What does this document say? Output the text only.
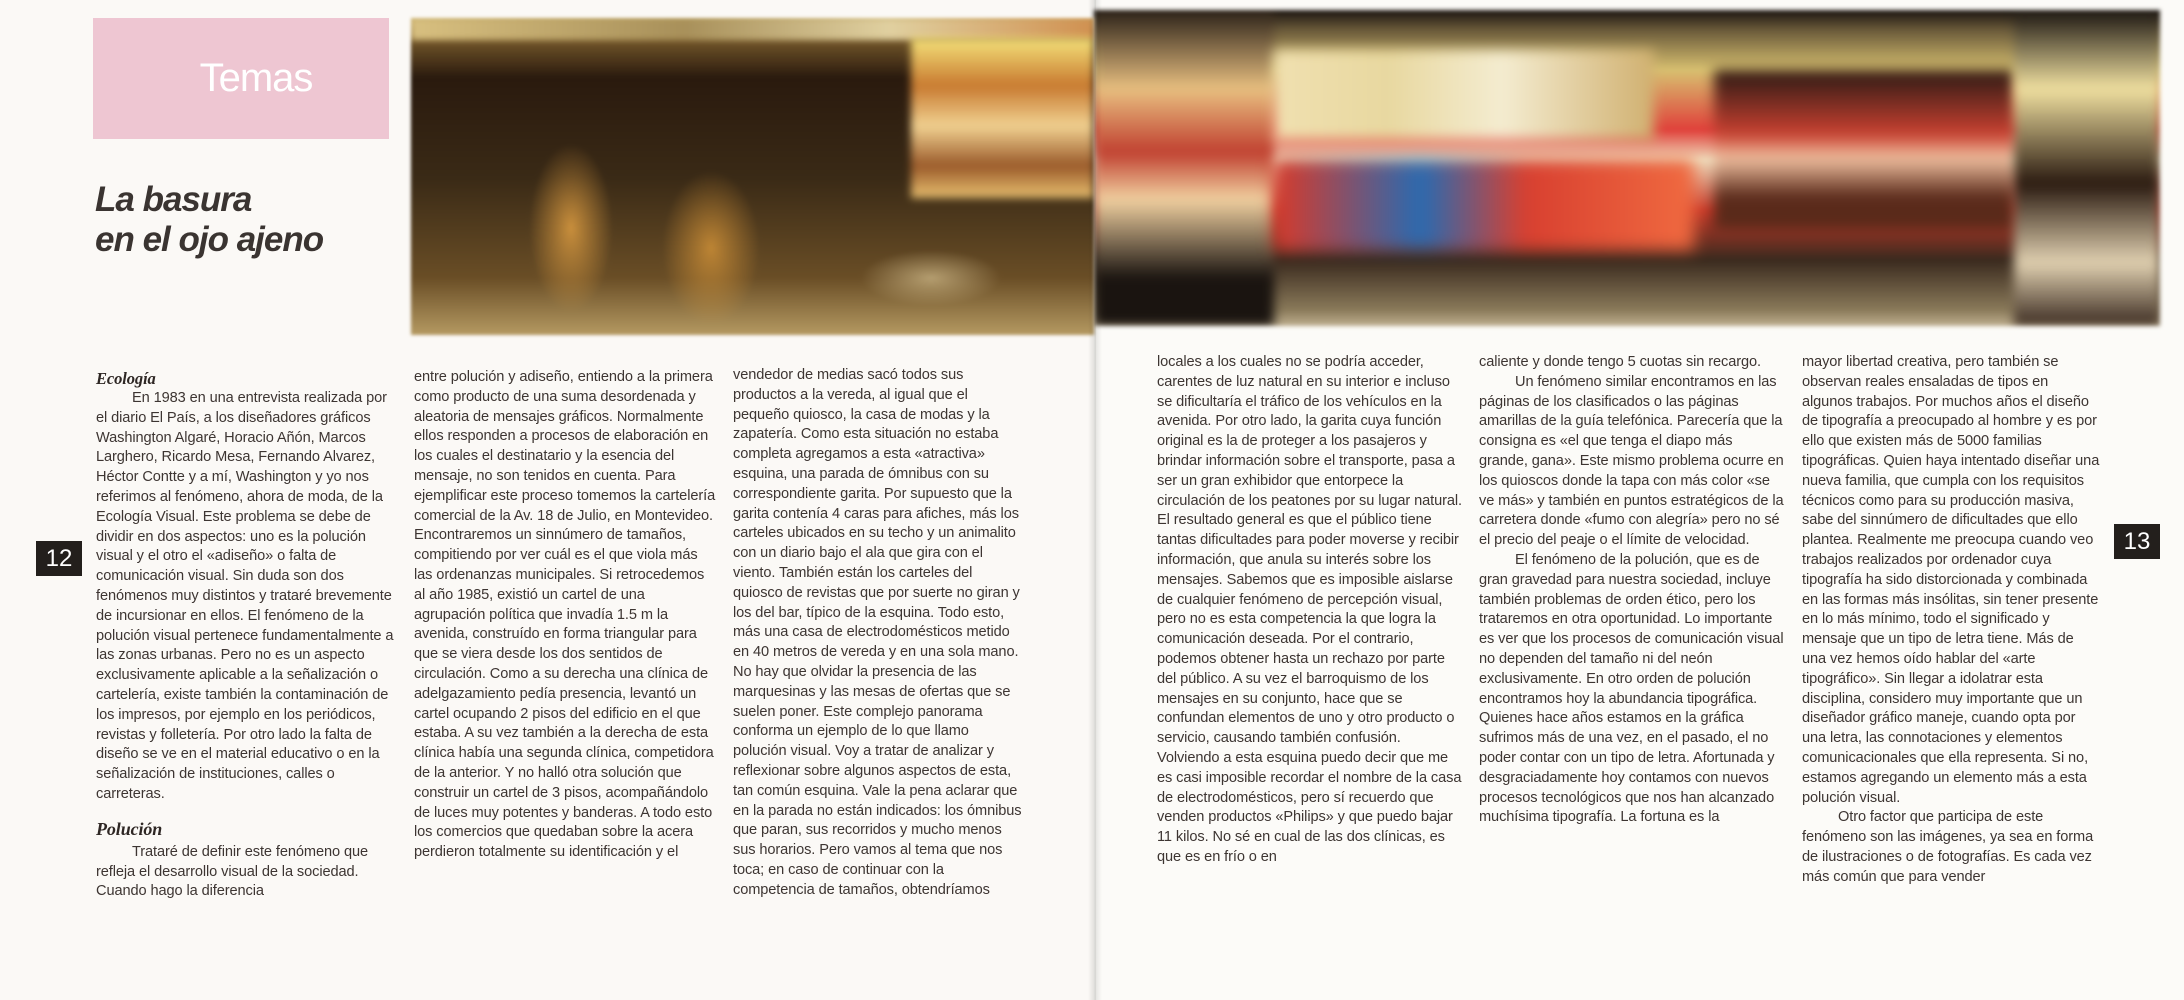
Temas
La basura
en el ojo ajeno
12
13
Ecología

En 1983 en una entrevista realizada por el diario El País, a los diseñadores gráficos Washington Algaré, Horacio Añón, Marcos Larghero, Ricardo Mesa, Fernando Alvarez, Héctor Contte y a mí, Washington y yo nos referimos al fenómeno, ahora de moda, de la Ecología Visual. Este problema se debe de dividir en dos aspectos: uno es la polución visual y el otro el «adiseño» o falta de comunicación visual. Sin duda son dos fenómenos muy distintos y trataré brevemente de incursionar en ellos. El fenómeno de la polución visual pertenece fundamentalmente a las zonas urbanas. Pero no es un aspecto exclusivamente aplicable a la señalización o cartelería, existe también la contaminación de los impresos, por ejemplo en los periódicos, revistas y folletería. Por otro lado la falta de diseño se ve en el material educativo o en la señalización de instituciones, calles o carreteras.

Polución

Trataré de definir este fenómeno que refleja el desarrollo visual de la sociedad. Cuando hago la diferencia

entre polución y adiseño, entiendo a la primera como producto de una suma desordenada y aleatoria de mensajes gráficos. Normalmente ellos responden a procesos de elaboración en los cuales el destinatario y la esencia del mensaje, no son tenidos en cuenta. Para ejemplificar este proceso tomemos la cartelería comercial de la Av. 18 de Julio, en Montevideo. Encontraremos un sinnúmero de tamaños, compitiendo por ver cuál es el que viola más las ordenanzas municipales. Si retrocedemos al año 1985, existió un cartel de una agrupación política que invadía 1.5 m la avenida, construído en forma triangular para que se viera desde los dos sentidos de circulación. Como a su derecha una clínica de adelgazamiento pedía presencia, levantó un cartel ocupando 2 pisos del edificio en el que estaba. A su vez también a la derecha de esta clínica había una segunda clínica, competidora de la anterior. Y no halló otra solución que construir un cartel de 3 pisos, acompañándolo de luces muy potentes y banderas. A todo esto los comercios que quedaban sobre la acera perdieron totalmente su identificación y el

vendedor de medias sacó todos sus productos a la vereda, al igual que el pequeño quiosco, la casa de modas y la zapatería. Como esta situación no estaba completa agregamos a esta «atractiva» esquina, una parada de ómnibus con su correspondiente garita. Por supuesto que la garita contenía 4 caras para afiches, más los carteles ubicados en su techo y un animalito con un diario bajo el ala que gira con el viento. También están los carteles del quiosco de revistas que por suerte no giran y los del bar, típico de la esquina. Todo esto, más una casa de electrodomésticos metido en 40 metros de vereda y en una sola mano. No hay que olvidar la presencia de las marquesinas y las mesas de ofertas que se suelen poner. Este complejo panorama conforma un ejemplo de lo que llamo polución visual. Voy a tratar de analizar y reflexionar sobre algunos aspectos de esta, tan común esquina. Vale la pena aclarar que en la parada no están indicados: los ómnibus que paran, sus recorridos y mucho menos sus horarios. Pero vamos al tema que nos toca; en caso de continuar con la competencia de tamaños, obtendríamos

locales a los cuales no se podría acceder, carentes de luz natural en su interior e incluso se dificultaría el tráfico de los vehículos en la avenida. Por otro lado, la garita cuya función original es la de proteger a los pasajeros y brindar información sobre el transporte, pasa a ser un gran exhibidor que entorpece la circulación de los peatones por su lugar natural. El resultado general es que el público tiene tantas dificultades para poder moverse y recibir información, que anula su interés sobre los mensajes. Sabemos que es imposible aislarse de cualquier fenómeno de percepción visual, pero no es esta competencia la que logra la comunicación deseada. Por el contrario, podemos obtener hasta un rechazo por parte del público. A su vez el barroquismo de los mensajes en su conjunto, hace que se confundan elementos de uno y otro producto o servicio, causando también confusión. Volviendo a esta esquina puedo decir que me es casi imposible recordar el nombre de la casa de electrodomésticos, pero sí recuerdo que venden productos «Philips» y que puedo bajar 11 kilos. No sé en cual de las dos clínicas, es que es en frío o en

caliente y donde tengo 5 cuotas sin recargo.

Un fenómeno similar encontramos en las páginas de los clasificados o las páginas amarillas de la guía telefónica. Parecería que la consigna es «el que tenga el diapo más grande, gana». Este mismo problema ocurre en los quioscos donde la tapa con más color «se ve más» y también en puntos estratégicos de la carretera donde «fumo con alegría» pero no sé el precio del peaje o el límite de velocidad.

El fenómeno de la polución, que es de gran gravedad para nuestra sociedad, incluye también problemas de orden ético, pero los trataremos en otra oportunidad. Lo importante es ver que los procesos de comunicación visual no dependen del tamaño ni del neón exclusivamente. En otro orden de polución encontramos hoy la abundancia tipográfica. Quienes hace años estamos en la gráfica sufrimos más de una vez, en el pasado, el no poder contar con un tipo de letra. Afortunada y desgraciadamente hoy contamos con nuevos procesos tecnológicos que nos han alcanzado muchísima tipografía. La fortuna es la

mayor libertad creativa, pero también se observan reales ensaladas de tipos en algunos trabajos. Por muchos años el diseño de tipografía a preocupado al hombre y es por ello que existen más de 5000 familias tipográficas. Quien haya intentado diseñar una nueva familia, que cumpla con los requisitos técnicos como para su producción masiva, sabe del sinnúmero de dificultades que ello plantea. Realmente me preocupa cuando veo trabajos realizados por ordenador cuya tipografía ha sido distorcionada y combinada en las formas más insólitas, sin tener presente en lo más mínimo, todo el significado y mensaje que un tipo de letra tiene. Más de una vez hemos oído hablar del «arte tipográfico». Sin llegar a idolatrar esta disciplina, considero muy importante que un diseñador gráfico maneje, cuando opta por una letra, las connotaciones y elementos comunicacionales que ella representa. Si no, estamos agregando un elemento más a esta polución visual.

Otro factor que participa de este fenómeno son las imágenes, ya sea en forma de ilustraciones o de fotografías. Es cada vez más común que para vender
